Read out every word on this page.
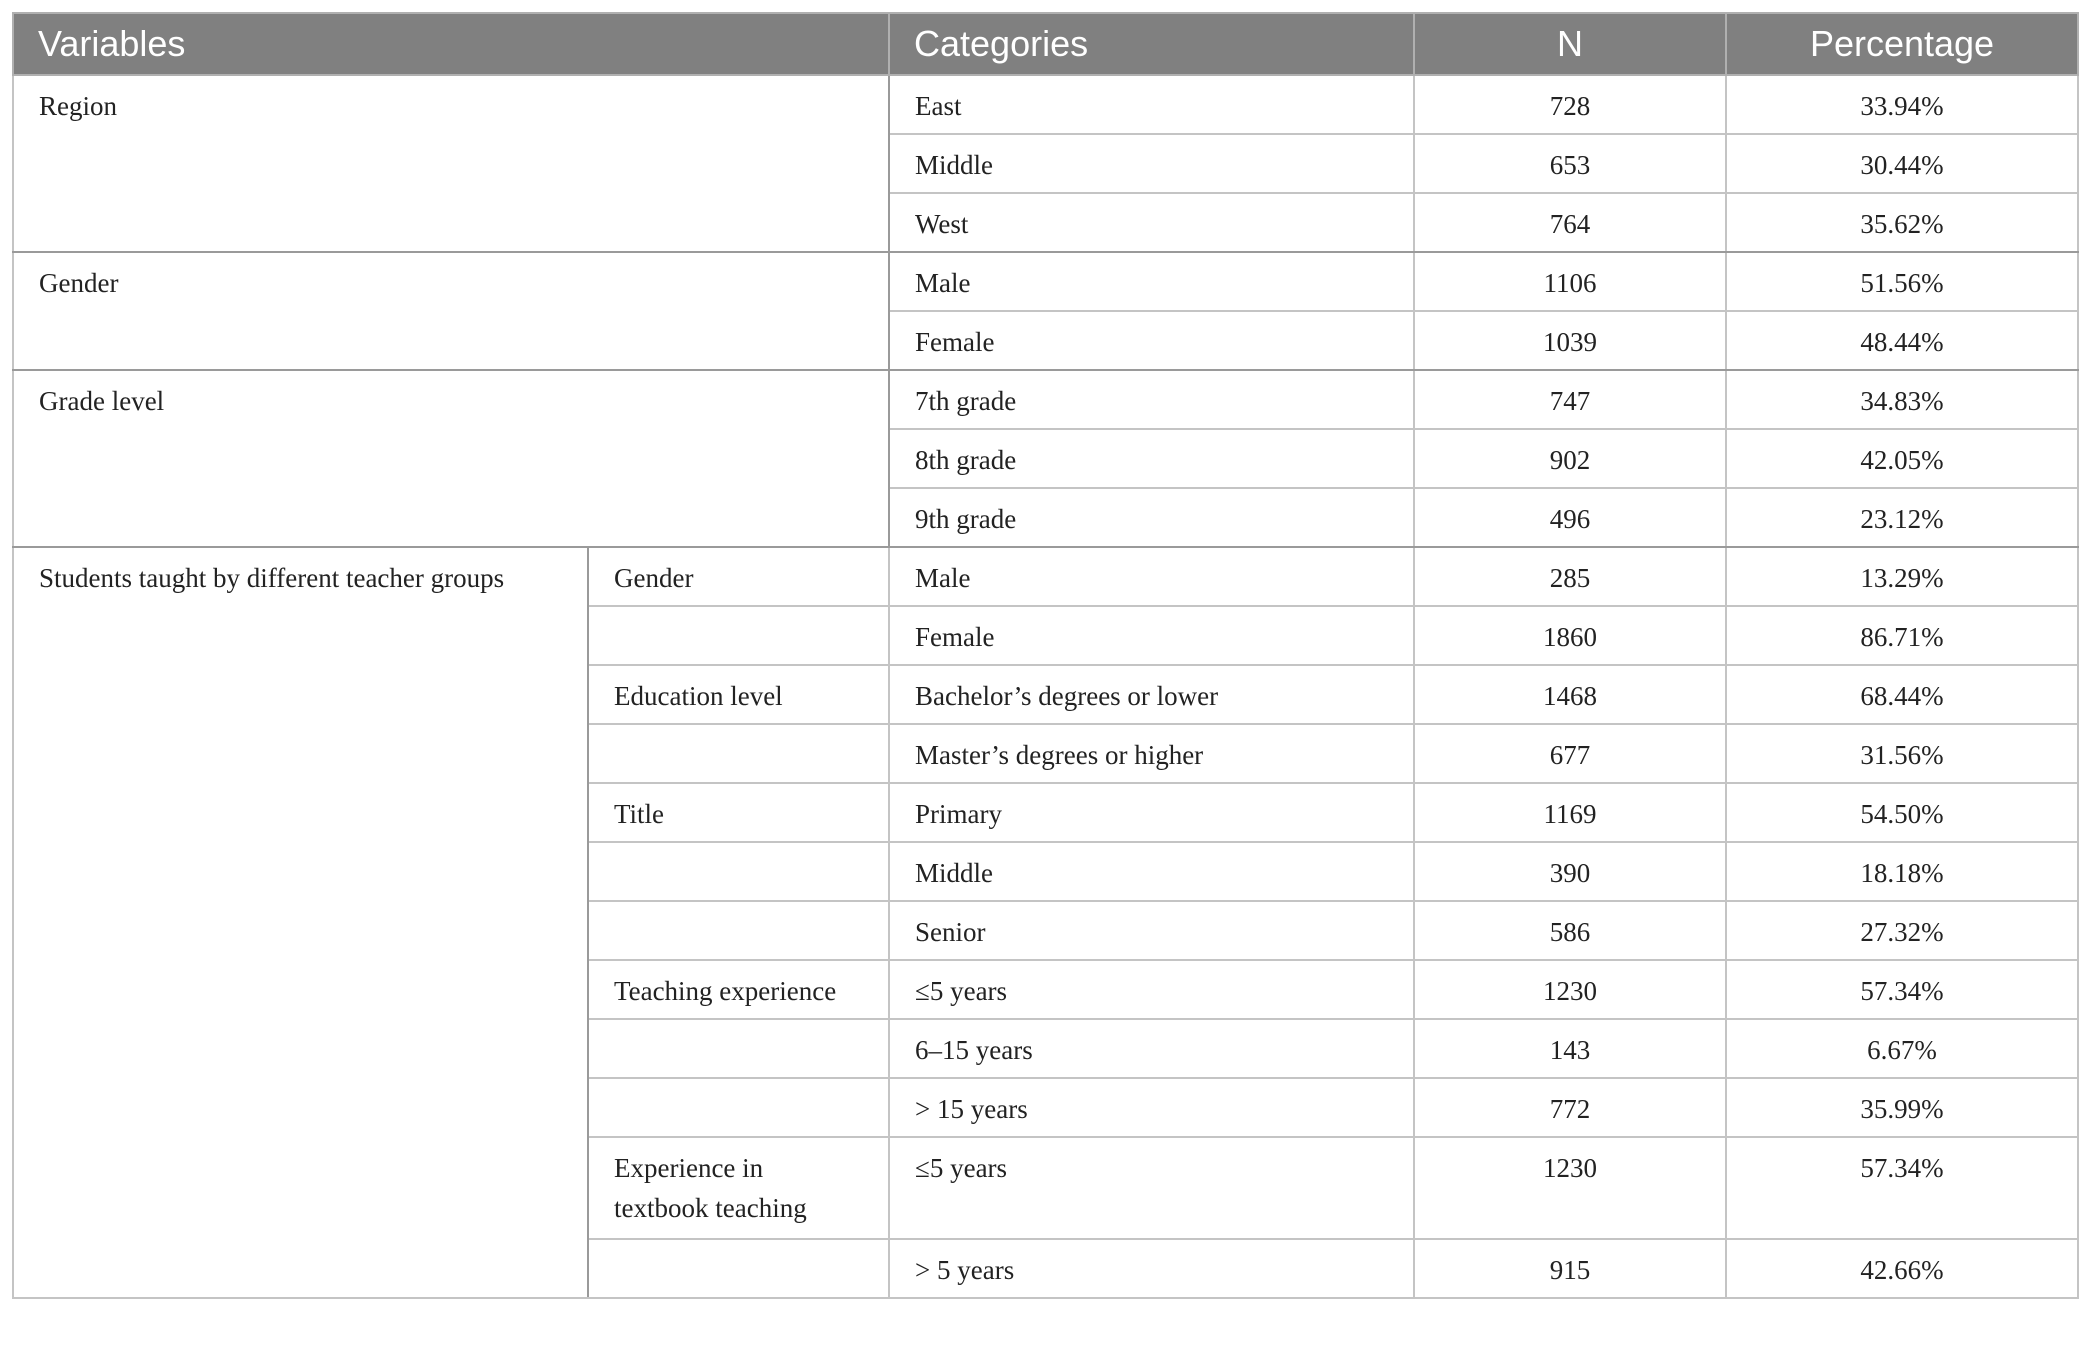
Variables		Categories	N	Percentage
Region		East	728	33.94%
		Middle	653	30.44%
		West	764	35.62%
Gender		Male	1106	51.56%
		Female	1039	48.44%
Grade level		7th grade	747	34.83%
		8th grade	902	42.05%
		9th grade	496	23.12%
Students taught by different teacher groups	Gender	Male	285	13.29%
		Female	1860	86.71%
	Education level	Bachelor’s degrees or lower	1468	68.44%
		Master’s degrees or higher	677	31.56%
	Title	Primary	1169	54.50%
		Middle	390	18.18%
		Senior	586	27.32%
	Teaching experience	≤5 years	1230	57.34%
		6–15 years	143	6.67%
		> 15 years	772	35.99%
	Experience in textbook teaching	≤5 years	1230	57.34%
		> 5 years	915	42.66%
